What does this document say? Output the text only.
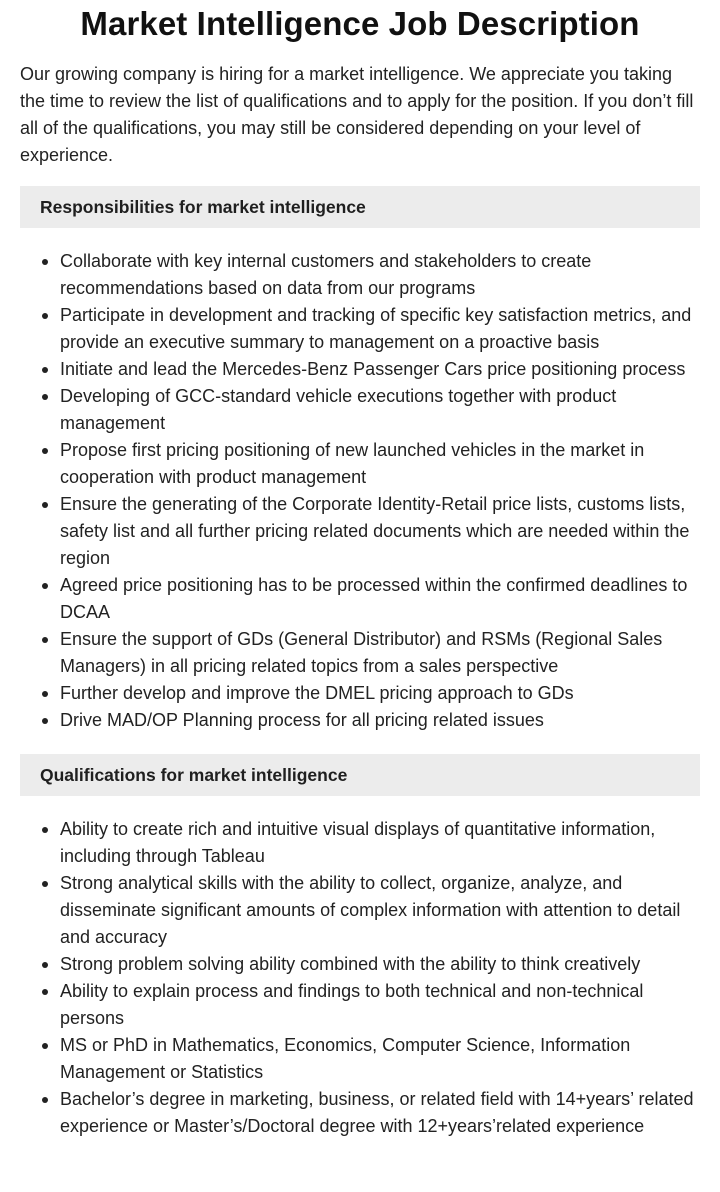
Market Intelligence Job Description

Our growing company is hiring for a market intelligence. We appreciate you taking the time to review the list of qualifications and to apply for the position. If you don’t fill all of the qualifications, you may still be considered depending on your level of experience.

Responsibilities for market intelligence
Collaborate with key internal customers and stakeholders to create recommendations based on data from our programs
Participate in development and tracking of specific key satisfaction metrics, and provide an executive summary to management on a proactive basis
Initiate and lead the Mercedes-Benz Passenger Cars price positioning process
Developing of GCC-standard vehicle executions together with product management
Propose first pricing positioning of new launched vehicles in the market in cooperation with product management
Ensure the generating of the Corporate Identity-Retail price lists, customs lists, safety list and all further pricing related documents which are needed within the region
Agreed price positioning has to be processed within the confirmed deadlines to DCAA
Ensure the support of GDs (General Distributor) and RSMs (Regional Sales Managers) in all pricing related topics from a sales perspective
Further develop and improve the DMEL pricing approach to GDs
Drive MAD/OP Planning process for all pricing related issues
Qualifications for market intelligence
Ability to create rich and intuitive visual displays of quantitative information, including through Tableau
Strong analytical skills with the ability to collect, organize, analyze, and disseminate significant amounts of complex information with attention to detail and accuracy
Strong problem solving ability combined with the ability to think creatively
Ability to explain process and findings to both technical and non-technical persons
MS or PhD in Mathematics, Economics, Computer Science, Information Management or Statistics
Bachelor’s degree in marketing, business, or related field with 14+years’ related experience or Master’s/Doctoral degree with 12+years’related experience
